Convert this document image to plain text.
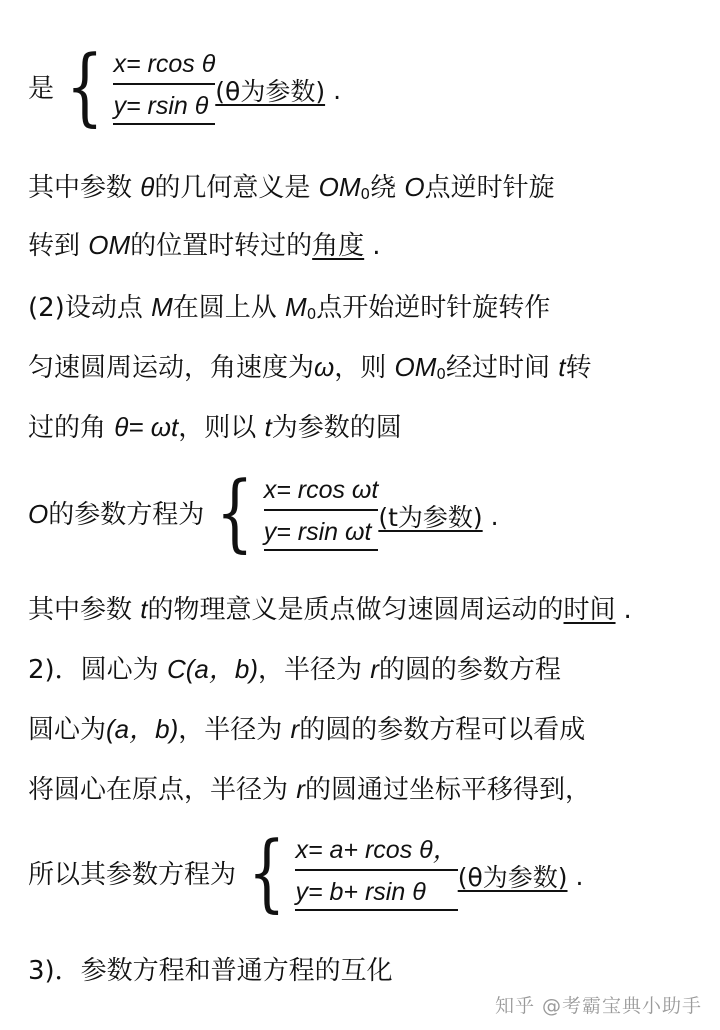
是 { x= rcos θ
y= rsin θ (θ为参数) .
其中参数 θ的几何意义是 $OM_0$绕 O点逆时针旋
转到 OM的位置时转过的角度 .
(2)设动点 M在圆上从 $M_0$点开始逆时针旋转作
匀速圆周运动，角速度为ω，则 $OM_0$经过时间 t转
过的角 θ= ωt，则以 t为参数的圆
O的参数方程为 { x= rcos ωt
y= rsin ωt (t为参数) .
其中参数 t的物理意义是质点做匀速圆周运动的时间 .
2)．圆心为 C(a，b)，半径为 r的圆的参数方程
圆心为(a，b)，半径为 r的圆的参数方程可以看成
将圆心在原点，半径为 r的圆通过坐标平移得到，
所以其参数方程为 { x= a+ rcos θ，
y= b+ rsin θ	(θ为参数) .
3)．参数方程和普通方程的互化
知乎 @考霸宝典小助手
